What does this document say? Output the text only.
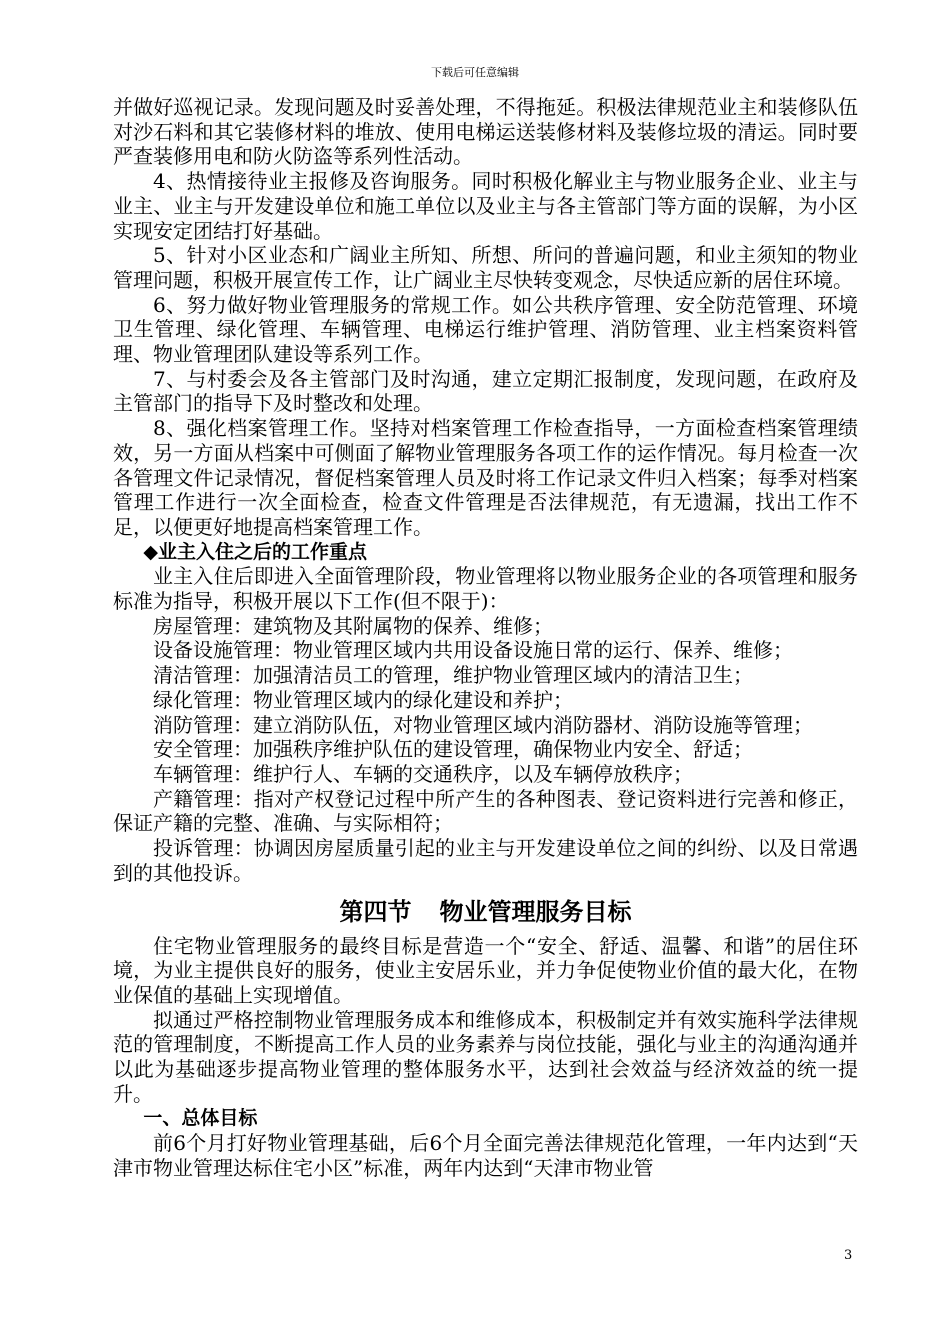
下载后可任意编辑

并做好巡视记录。发现问题及时妥善处理，不得拖延。积极法律规范业主和装修队伍对沙石料和其它装修材料的堆放、使用电梯运送装修材料及装修垃圾的清运。同时要严查装修用电和防火防盗等系列性活动。

4、热情接待业主报修及咨询服务。同时积极化解业主与物业服务企业、业主与业主、业主与开发建设单位和施工单位以及业主与各主管部门等方面的误解，为小区实现安定团结打好基础。

5、针对小区业态和广阔业主所知、所想、所问的普遍问题，和业主须知的物业管理问题，积极开展宣传工作，让广阔业主尽快转变观念，尽快适应新的居住环境。

6、努力做好物业管理服务的常规工作。如公共秩序管理、安全防范管理、环境卫生管理、绿化管理、车辆管理、电梯运行维护管理、消防管理、业主档案资料管理、物业管理团队建设等系列工作。

7、与村委会及各主管部门及时沟通，建立定期汇报制度，发现问题，在政府及主管部门的指导下及时整改和处理。

8、强化档案管理工作。坚持对档案管理工作检查指导，一方面检查档案管理绩效，另一方面从档案中可侧面了解物业管理服务各项工作的运作情况。每月检查一次各管理文件记录情况，督促档案管理人员及时将工作记录文件归入档案；每季对档案管理工作进行一次全面检查，检查文件管理是否法律规范，有无遗漏，找出工作不足，以便更好地提高档案管理工作。

◆业主入住之后的工作重点

业主入住后即进入全面管理阶段，物业管理将以物业服务企业的各项管理和服务标准为指导，积极开展以下工作(但不限于)：

房屋管理：建筑物及其附属物的保养、维修；

设备设施管理：物业管理区域内共用设备设施日常的运行、保养、维修；

清洁管理：加强清洁员工的管理，维护物业管理区域内的清洁卫生；

绿化管理：物业管理区域内的绿化建设和养护；

消防管理：建立消防队伍，对物业管理区域内消防器材、消防设施等管理；

安全管理：加强秩序维护队伍的建设管理，确保物业内安全、舒适；

车辆管理：维护行人、车辆的交通秩序，以及车辆停放秩序；

产籍管理：指对产权登记过程中所产生的各种图表、登记资料进行完善和修正，保证产籍的完整、准确、与实际相符；

投诉管理：协调因房屋质量引起的业主与开发建设单位之间的纠纷、以及日常遇到的其他投诉。

第四节 物业管理服务目标

住宅物业管理服务的最终目标是营造一个“安全、舒适、温馨、和谐”的居住环境，为业主提供良好的服务，使业主安居乐业，并力争促使物业价值的最大化，在物业保值的基础上实现增值。

拟通过严格控制物业管理服务成本和维修成本，积极制定并有效实施科学法律规范的管理制度，不断提高工作人员的业务素养与岗位技能，强化与业主的沟通沟通并以此为基础逐步提高物业管理的整体服务水平，达到社会效益与经济效益的统一提升。

一、总体目标

前6个月打好物业管理基础，后6个月全面完善法律规范化管理，一年内达到“天津市物业管理达标住宅小区”标准，两年内达到“天津市物业管

3
